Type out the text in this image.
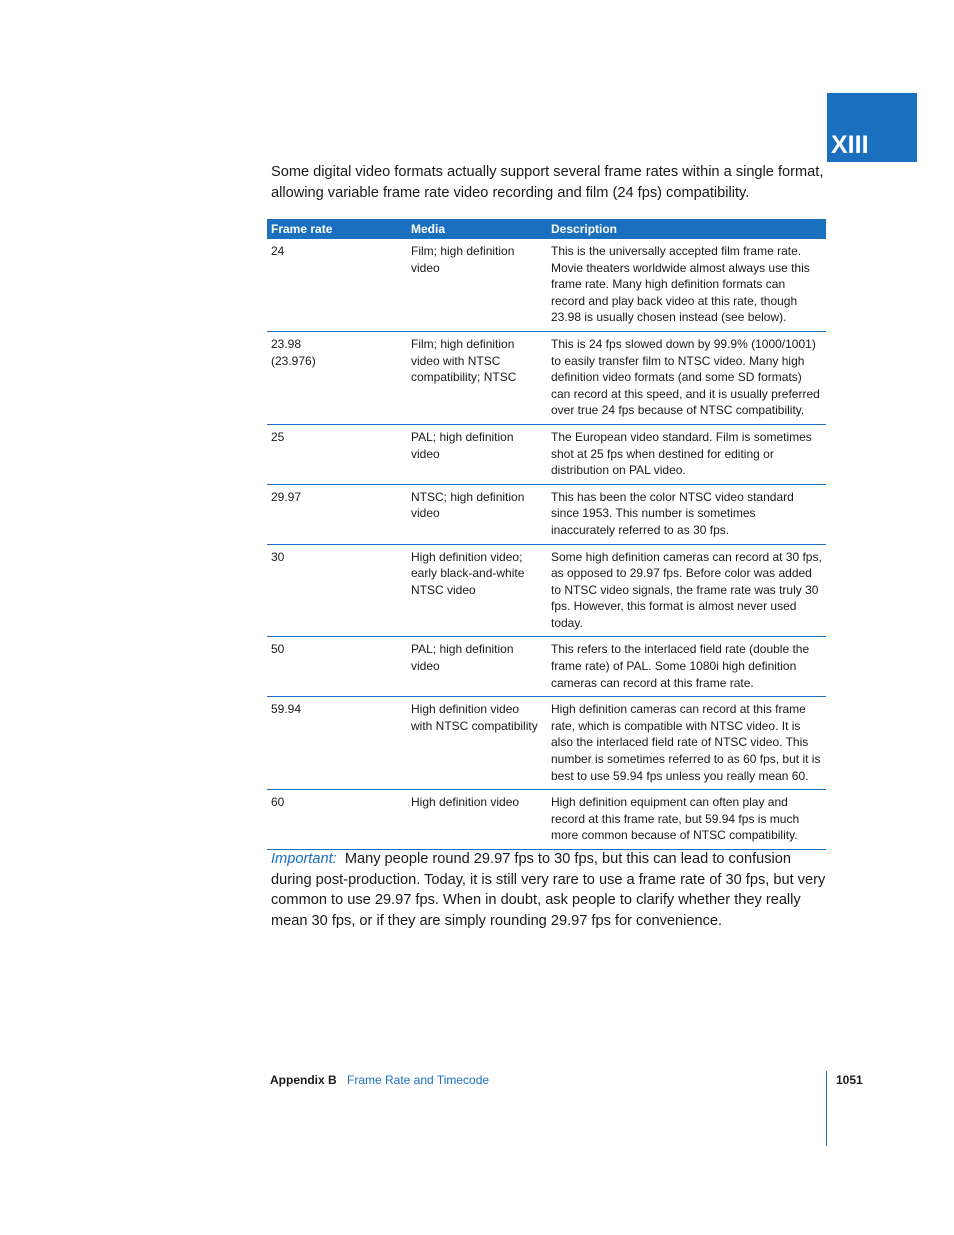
XIII

Some digital video formats actually support several frame rates within a single format, allowing variable frame rate video recording and film (24 fps) compatibility.

Frame rate	Media	Description
24	Film; high definition video	This is the universally accepted film frame rate. Movie theaters worldwide almost always use this frame rate. Many high definition formats can record and play back video at this rate, though 23.98 is usually chosen instead (see below).

23.98 (23.976)	Film; high definition video with NTSC compatibility; NTSC	This is 24 fps slowed down by 99.9% (1000/1001) to easily transfer film to NTSC video. Many high definition video formats (and some SD formats) can record at this speed, and it is usually preferred over true 24 fps because of NTSC compatibility.
25	PAL; high definition video	The European video standard. Film is sometimes shot at 25 fps when destined for editing or distribution on PAL video.
29.97	NTSC; high definition video	This has been the color NTSC video standard since 1953. This number is sometimes inaccurately referred to as 30 fps.
30	High definition video; early black-and-white NTSC video	Some high definition cameras can record at 30 fps, as opposed to 29.97 fps. Before color was added to NTSC video signals, the frame rate was truly 30 fps. However, this format is almost never used today.
50	PAL; high definition video	This refers to the interlaced field rate (double the frame rate) of PAL. Some 1080i high definition cameras can record at this frame rate.
59.94	High definition video with NTSC compatibility	High definition cameras can record at this frame rate, which is compatible with NTSC video. It is also the interlaced field rate of NTSC video. This number is sometimes referred to as 60 fps, but it is best to use 59.94 fps unless you really mean 60.
60	High definition video	High definition equipment can often play and record at this frame rate, but 59.94 fps is much more common because of NTSC compatibility.

Important: Many people round 29.97 fps to 30 fps, but this can lead to confusion during post-production. Today, it is still very rare to use a frame rate of 30 fps, but very common to use 29.97 fps. When in doubt, ask people to clarify whether they really mean 30 fps, or if they are simply rounding 29.97 fps for convenience.

Appendix B Frame Rate and Timecode	1051
